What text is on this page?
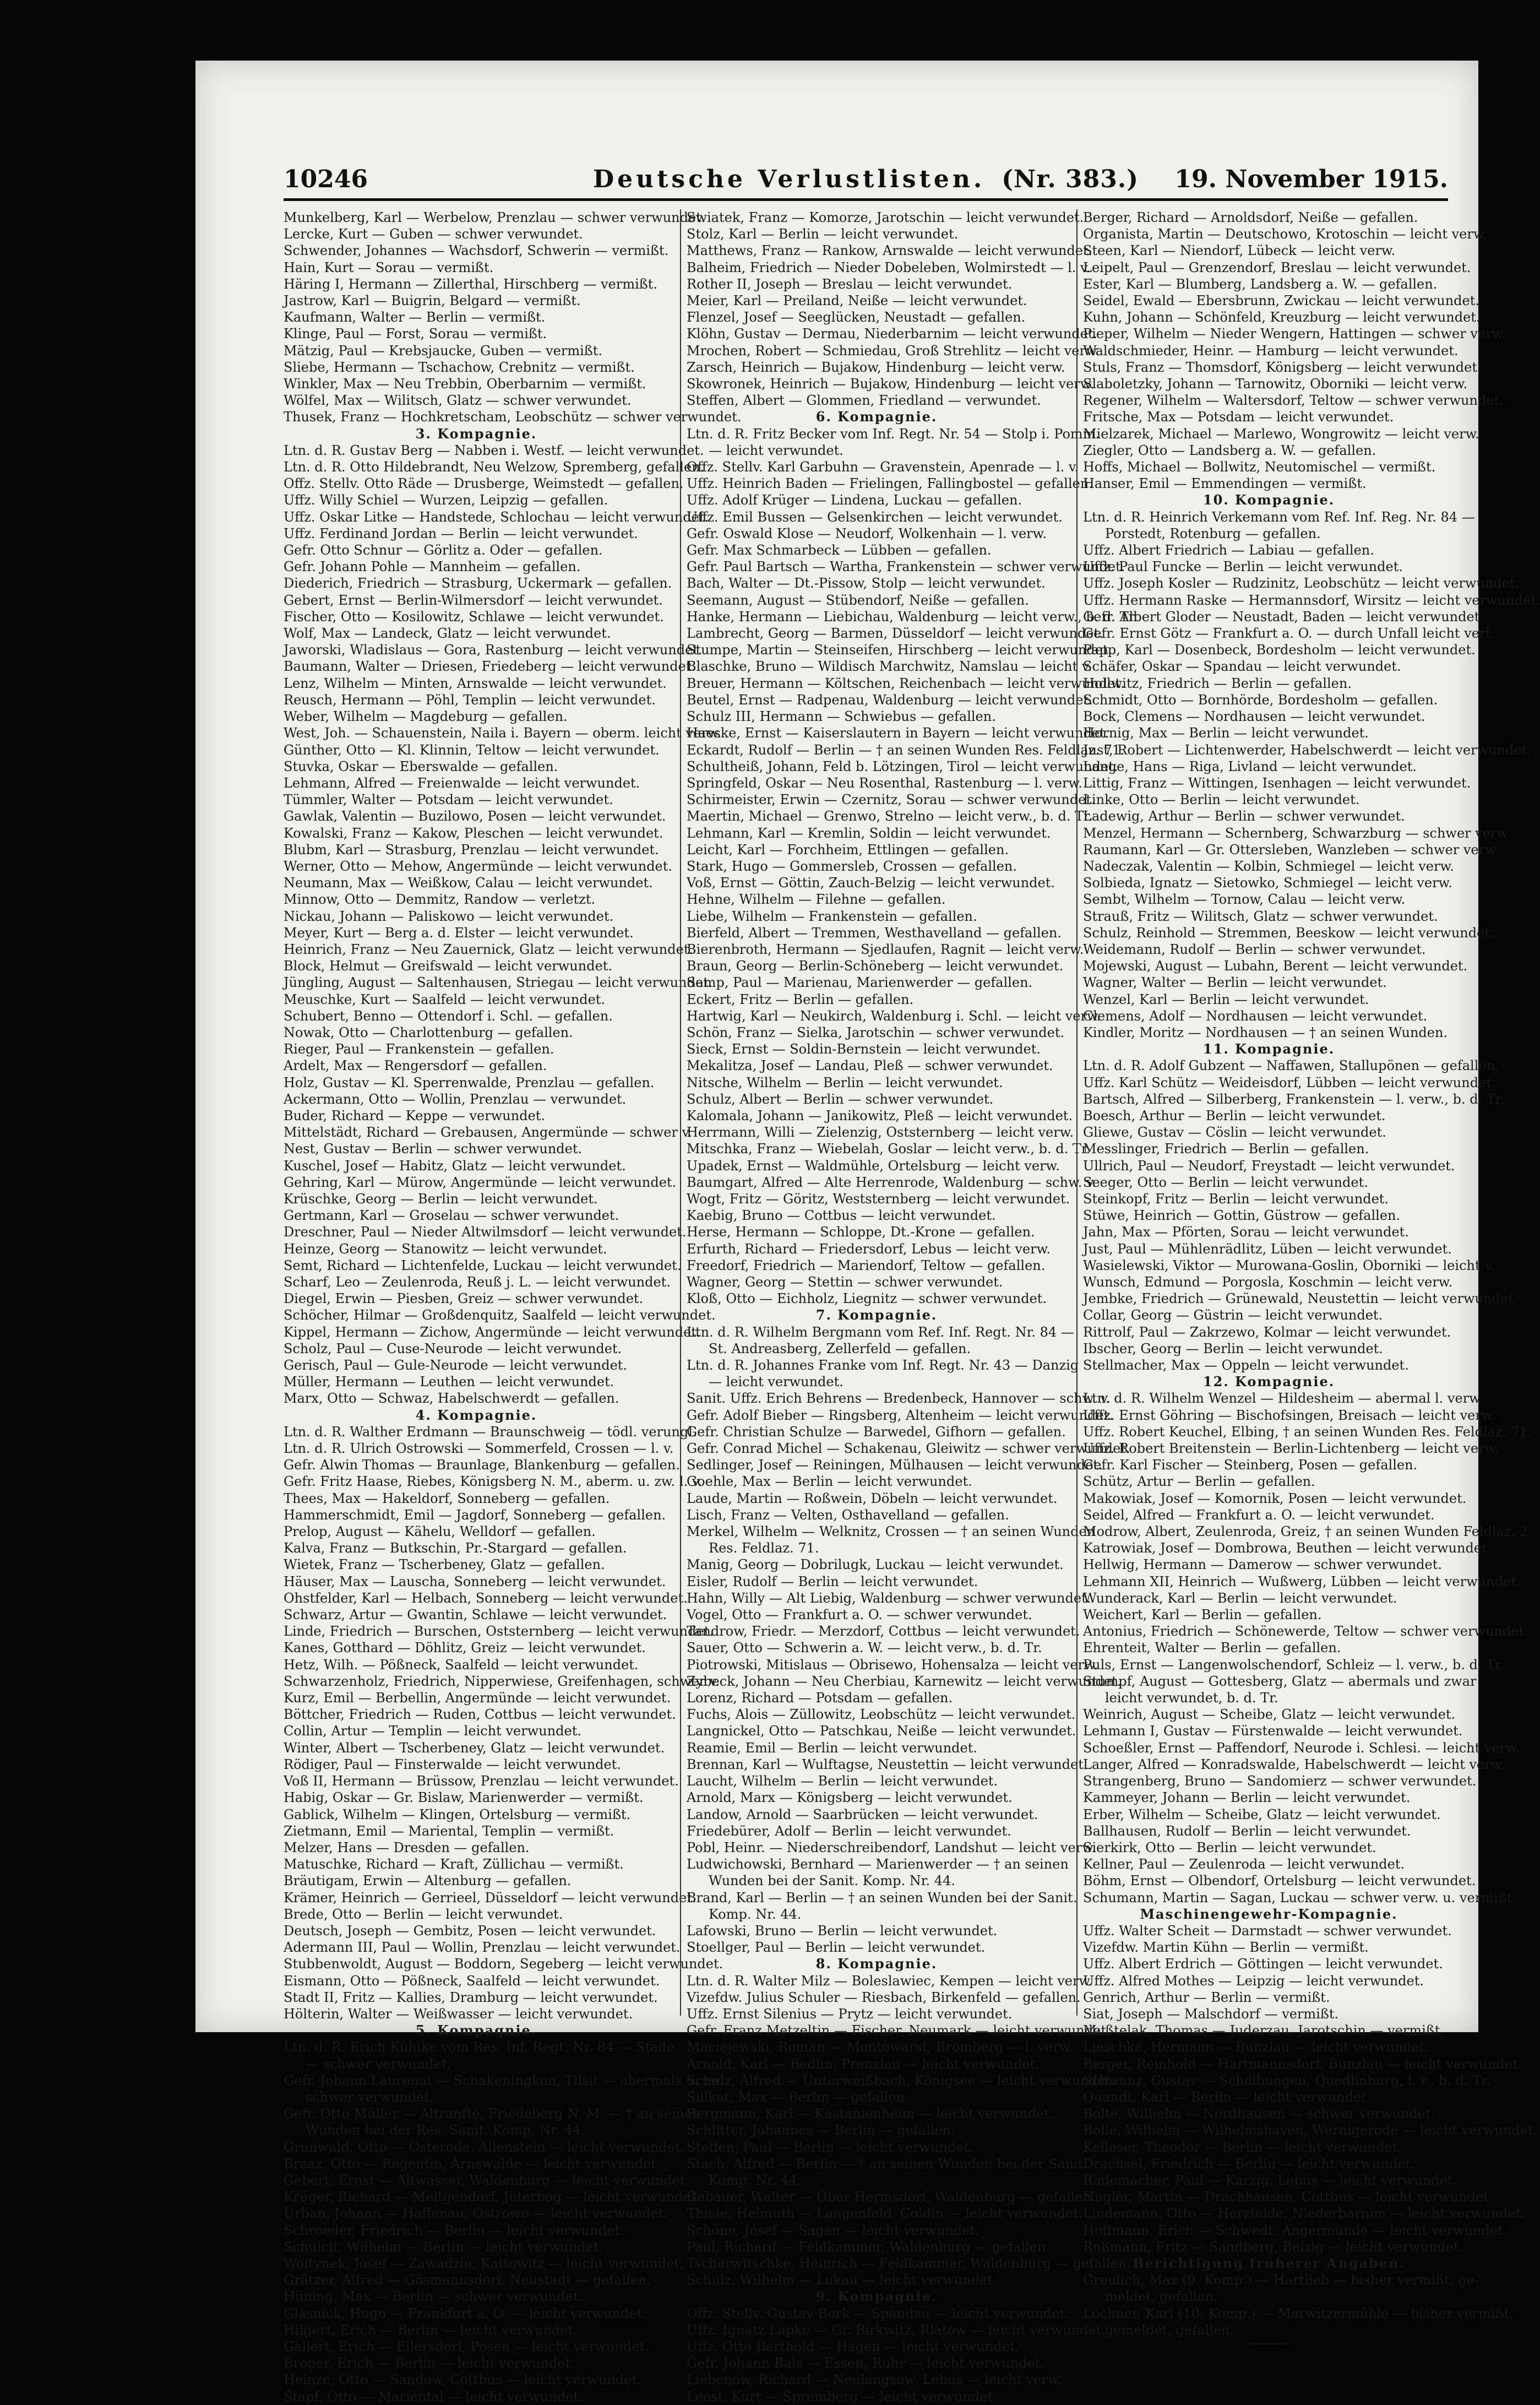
10246	Deutsche Verlustlisten. (Nr. 383.)	19. November 1915.
Munkelberg, Karl — Werbelow, Prenzlau — schwer verwundet.
Lercke, Kurt — Guben — schwer verwundet.
Schwender, Johannes — Wachsdorf, Schwerin — vermißt.
Hain, Kurt — Sorau — vermißt.
Häring I, Hermann — Zillerthal, Hirschberg — vermißt.
Jastrow, Karl — Buigrin, Belgard — vermißt.
Kaufmann, Walter — Berlin — vermißt.
Klinge, Paul — Forst, Sorau — vermißt.
Mätzig, Paul — Krebsjaucke, Guben — vermißt.
Sliebe, Hermann — Tschachow, Crebnitz — vermißt.
Winkler, Max — Neu Trebbin, Oberbarnim — vermißt.
Wölfel, Max — Wilitsch, Glatz — schwer verwundet.
Thusek, Franz — Hochkretscham, Leobschütz — schwer verwundet.
3. Kompagnie.
Ltn. d. R. Gustav Berg — Nabben i. Westf. — leicht verwundet.
Ltn. d. R. Otto Hildebrandt, Neu Welzow, Spremberg, gefallen.
Offz. Stellv. Otto Räde — Drusberge, Weimstedt — gefallen.
Uffz. Willy Schiel — Wurzen, Leipzig — gefallen.
Uffz. Oskar Litke — Handstede, Schlochau — leicht verwundet.
Uffz. Ferdinand Jordan — Berlin — leicht verwundet.
Gefr. Otto Schnur — Görlitz a. Oder — gefallen.
Gefr. Johann Pohle — Mannheim — gefallen.
Diederich, Friedrich — Strasburg, Uckermark — gefallen.
Gebert, Ernst — Berlin-Wilmersdorf — leicht verwundet.
Fischer, Otto — Kosilowitz, Schlawe — leicht verwundet.
Wolf, Max — Landeck, Glatz — leicht verwundet.
Jaworski, Wladislaus — Gora, Rastenburg — leicht verwundet.
Baumann, Walter — Driesen, Friedeberg — leicht verwundet.
Lenz, Wilhelm — Minten, Arnswalde — leicht verwundet.
Reusch, Hermann — Pöhl, Templin — leicht verwundet.
Weber, Wilhelm — Magdeburg — gefallen.
West, Joh. — Schauenstein, Naila i. Bayern — oberm. leicht verw.
Günther, Otto — Kl. Klinnin, Teltow — leicht verwundet.
Stuvka, Oskar — Eberswalde — gefallen.
Lehmann, Alfred — Freienwalde — leicht verwundet.
Tümmler, Walter — Potsdam — leicht verwundet.
Gawlak, Valentin — Buzilowo, Posen — leicht verwundet.
Kowalski, Franz — Kakow, Pleschen — leicht verwundet.
Blubm, Karl — Strasburg, Prenzlau — leicht verwundet.
Werner, Otto — Mehow, Angermünde — leicht verwundet.
Neumann, Max — Weißkow, Calau — leicht verwundet.
Minnow, Otto — Demmitz, Randow — verletzt.
Nickau, Johann — Paliskowo — leicht verwundet.
Meyer, Kurt — Berg a. d. Elster — leicht verwundet.
Heinrich, Franz — Neu Zauernick, Glatz — leicht verwundet.
Block, Helmut — Greifswald — leicht verwundet.
Jüngling, August — Saltenhausen, Striegau — leicht verwundet.
Meuschke, Kurt — Saalfeld — leicht verwundet.
Schubert, Benno — Ottendorf i. Schl. — gefallen.
Nowak, Otto — Charlottenburg — gefallen.
Rieger, Paul — Frankenstein — gefallen.
Ardelt, Max — Rengersdorf — gefallen.
Holz, Gustav — Kl. Sperrenwalde, Prenzlau — gefallen.
Ackermann, Otto — Wollin, Prenzlau — verwundet.
Buder, Richard — Keppe — verwundet.
Mittelstädt, Richard — Grebausen, Angermünde — schwer v.
Nest, Gustav — Berlin — schwer verwundet.
Kuschel, Josef — Habitz, Glatz — leicht verwundet.
Gehring, Karl — Mürow, Angermünde — leicht verwundet.
Krüschke, Georg — Berlin — leicht verwundet.
Gertmann, Karl — Groselau — schwer verwundet.
Dreschner, Paul — Nieder Altwilmsdorf — leicht verwundet.
Heinze, Georg — Stanowitz — leicht verwundet.
Semt, Richard — Lichtenfelde, Luckau — leicht verwundet.
Scharf, Leo — Zeulenroda, Reuß j. L. — leicht verwundet.
Diegel, Erwin — Piesben, Greiz — schwer verwundet.
Schöcher, Hilmar — Großdenquitz, Saalfeld — leicht verwundet.
Kippel, Hermann — Zichow, Angermünde — leicht verwundet.
Scholz, Paul — Cuse-Neurode — leicht verwundet.
Gerisch, Paul — Gule-Neurode — leicht verwundet.
Müller, Hermann — Leuthen — leicht verwundet.
Marx, Otto — Schwaz, Habelschwerdt — gefallen.
4. Kompagnie.
Ltn. d. R. Walther Erdmann — Braunschweig — tödl. verungl.
Ltn. d. R. Ulrich Ostrowski — Sommerfeld, Crossen — l. v.
Gefr. Alwin Thomas — Braunlage, Blankenburg — gefallen.
Gefr. Fritz Haase, Riebes, Königsberg N. M., aberm. u. zw. l. v.
Thees, Max — Hakeldorf, Sonneberg — gefallen.
Hammerschmidt, Emil — Jagdorf, Sonneberg — gefallen.
Prelop, August — Kähelu, Welldorf — gefallen.
Kalva, Franz — Butkschin, Pr.-Stargard — gefallen.
Wietek, Franz — Tscherbeney, Glatz — gefallen.
Häuser, Max — Lauscha, Sonneberg — leicht verwundet.
Ohstfelder, Karl — Helbach, Sonneberg — leicht verwundet.
Schwarz, Artur — Gwantin, Schlawe — leicht verwundet.
Linde, Friedrich — Burschen, Oststernberg — leicht verwundet.
Kanes, Gotthard — Döhlitz, Greiz — leicht verwundet.
Hetz, Wilh. — Pößneck, Saalfeld — leicht verwundet.
Schwarzenholz, Friedrich, Nipperwiese, Greifenhagen, schwer v.
Kurz, Emil — Berbellin, Angermünde — leicht verwundet.
Böttcher, Friedrich — Ruden, Cottbus — leicht verwundet.
Collin, Artur — Templin — leicht verwundet.
Winter, Albert — Tscherbeney, Glatz — leicht verwundet.
Rödiger, Paul — Finsterwalde — leicht verwundet.
Voß II, Hermann — Brüssow, Prenzlau — leicht verwundet.
Habig, Oskar — Gr. Bislaw, Marienwerder — vermißt.
Gablick, Wilhelm — Klingen, Ortelsburg — vermißt.
Zietmann, Emil — Mariental, Templin — vermißt.
Melzer, Hans — Dresden — gefallen.
Matuschke, Richard — Kraft, Züllichau — vermißt.
Bräutigam, Erwin — Altenburg — gefallen.
Krämer, Heinrich — Gerrieel, Düsseldorf — leicht verwundet.
Brede, Otto — Berlin — leicht verwundet.
Deutsch, Joseph — Gembitz, Posen — leicht verwundet.
Adermann III, Paul — Wollin, Prenzlau — leicht verwundet.
Stubbenwoldt, August — Boddorn, Segeberg — leicht verwundet.
Eismann, Otto — Pößneck, Saalfeld — leicht verwundet.
Stadt II, Fritz — Kallies, Dramburg — leicht verwundet.
Hölterin, Walter — Weißwasser — leicht verwundet.
5. Kompagnie.
Ltn. d. R. Erich Kühlke vom Res. Inf. Regt. Nr. 84 — Stade
— schwer verwundet.
Gefr. Johann Laurenat — Schakeningken, Tilsit — abermals u. zw.
schwer verwundet.
Gefr. Otto Müller — Altranfte, Friedeberg N. M. — † an seinen
Wunden bei der Res. Sanit. Komp. Nr. 44.
Grunwald, Otto — Osterode, Allenstein — leicht verwundet.
Braaz, Otto — Regentin, Arnswalde — leicht verwundet.
Gebert, Ernst — Altwasser, Waldenburg — leicht verwundet.
Krüger, Richard — Meltgendorf, Jüterbog — leicht verwundet.
Urban, Johann — Haffenau, Ostrowo — leicht verwundet.
Schroeder, Friedrich — Berlin — leicht verwundet.
Schulcit, Wilhelm — Berlin — leicht verwundet.
Woitynek, Josef — Zawadzie, Kattowitz — leicht verwundet.
Grätzer, Alfred — Gösmannsdorf, Neustadt — gefallen.
Hüning, Max — Berlin — schwer verwundet.
Glasnick, Hugo — Frankfurt a. O. — leicht verwundet.
Hilgert, Erich — Berlin — leicht verwundet.
Gallert, Erich — Ellersdorf, Posen — leicht verwundet.
Broner, Erich — Berlin — leicht verwundet.
Heinze, Otto — Sandow, Cottbus — leicht verwundet.
Stapf, Otto — Mariental — leicht verwundet.
Swiatek, Franz — Komorze, Jarotschin — leicht verwundet.
Stolz, Karl — Berlin — leicht verwundet.
Matthews, Franz — Rankow, Arnswalde — leicht verwundet.
Balheim, Friedrich — Nieder Dobeleben, Wolmirstedt — l. v.
Rother II, Joseph — Breslau — leicht verwundet.
Meier, Karl — Preiland, Neiße — leicht verwundet.
Flenzel, Josef — Seeglücken, Neustadt — gefallen.
Klöhn, Gustav — Dermau, Niederbarnim — leicht verwundet.
Mrochen, Robert — Schmiedau, Groß Strehlitz — leicht verw.
Zarsch, Heinrich — Bujakow, Hindenburg — leicht verw.
Skowronek, Heinrich — Bujakow, Hindenburg — leicht verw.
Steffen, Albert — Glommen, Friedland — verwundet.
6. Kompagnie.
Ltn. d. R. Fritz Becker vom Inf. Regt. Nr. 54 — Stolp i. Pomm.
— leicht verwundet.
Offz. Stellv. Karl Garbuhn — Gravenstein, Apenrade — l. v.
Uffz. Heinrich Baden — Frielingen, Fallingbostel — gefallen.
Uffz. Adolf Krüger — Lindena, Luckau — gefallen.
Uffz. Emil Bussen — Gelsenkirchen — leicht verwundet.
Gefr. Oswald Klose — Neudorf, Wolkenhain — l. verw.
Gefr. Max Schmarbeck — Lübben — gefallen.
Gefr. Paul Bartsch — Wartha, Frankenstein — schwer verwundet.
Bach, Walter — Dt.-Pissow, Stolp — leicht verwundet.
Seemann, August — Stübendorf, Neiße — gefallen.
Hanke, Hermann — Liebichau, Waldenburg — leicht verw., b. d. Tr.
Lambrecht, Georg — Barmen, Düsseldorf — leicht verwundet.
Stumpe, Martin — Steinseifen, Hirschberg — leicht verwundet.
Blaschke, Bruno — Wildisch Marchwitz, Namslau — leicht v.
Breuer, Hermann — Költschen, Reichenbach — leicht verwundet.
Beutel, Ernst — Radpenau, Waldenburg — leicht verwundet.
Schulz III, Hermann — Schwiebus — gefallen.
Haeske, Ernst — Kaiserslautern in Bayern — leicht verwundet.
Eckardt, Rudolf — Berlin — † an seinen Wunden Res. Feldlaz. 71.
Schultheiß, Johann, Feld b. Lötzingen, Tirol — leicht verwundet.
Springfeld, Oskar — Neu Rosenthal, Rastenburg — l. verw.
Schirmeister, Erwin — Czernitz, Sorau — schwer verwundet.
Maertin, Michael — Grenwo, Strelno — leicht verw., b. d. Tr.
Lehmann, Karl — Kremlin, Soldin — leicht verwundet.
Leicht, Karl — Forchheim, Ettlingen — gefallen.
Stark, Hugo — Gommersleb, Crossen — gefallen.
Voß, Ernst — Göttin, Zauch-Belzig — leicht verwundet.
Hehne, Wilhelm — Filehne — gefallen.
Liebe, Wilhelm — Frankenstein — gefallen.
Bierfeld, Albert — Tremmen, Westhavelland — gefallen.
Bierenbroth, Hermann — Sjedlaufen, Ragnit — leicht verw.
Braun, Georg — Berlin-Schöneberg — leicht verwundet.
Samp, Paul — Marienau, Marienwerder — gefallen.
Eckert, Fritz — Berlin — gefallen.
Hartwig, Karl — Neukirch, Waldenburg i. Schl. — leicht verw.
Schön, Franz — Sielka, Jarotschin — schwer verwundet.
Sieck, Ernst — Soldin-Bernstein — leicht verwundet.
Mekalitza, Josef — Landau, Pleß — schwer verwundet.
Nitsche, Wilhelm — Berlin — leicht verwundet.
Schulz, Albert — Berlin — schwer verwundet.
Kalomala, Johann — Janikowitz, Pleß — leicht verwundet.
Herrmann, Willi — Zielenzig, Oststernberg — leicht verw.
Mitschka, Franz — Wiebelah, Goslar — leicht verw., b. d. Tr.
Upadek, Ernst — Waldmühle, Ortelsburg — leicht verw.
Baumgart, Alfred — Alte Herrenrode, Waldenburg — schw. v.
Wogt, Fritz — Göritz, Weststernberg — leicht verwundet.
Kaebig, Bruno — Cottbus — leicht verwundet.
Herse, Hermann — Schloppe, Dt.-Krone — gefallen.
Erfurth, Richard — Friedersdorf, Lebus — leicht verw.
Freedorf, Friedrich — Mariendorf, Teltow — gefallen.
Wagner, Georg — Stettin — schwer verwundet.
Kloß, Otto — Eichholz, Liegnitz — schwer verwundet.
7. Kompagnie.
Ltn. d. R. Wilhelm Bergmann vom Ref. Inf. Regt. Nr. 84 —
St. Andreasberg, Zellerfeld — gefallen.
Ltn. d. R. Johannes Franke vom Inf. Regt. Nr. 43 — Danzig
— leicht verwundet.
Sanit. Uffz. Erich Behrens — Bredenbeck, Hannover — schw. v.
Gefr. Adolf Bieber — Ringsberg, Altenheim — leicht verwundet.
Gefr. Christian Schulze — Barwedel, Gifhorn — gefallen.
Gefr. Conrad Michel — Schakenau, Gleiwitz — schwer verwundet.
Sedlinger, Josef — Reiningen, Mülhausen — leicht verwundet.
Goehle, Max — Berlin — leicht verwundet.
Laude, Martin — Roßwein, Döbeln — leicht verwundet.
Lisch, Franz — Velten, Osthavelland — gefallen.
Merkel, Wilhelm — Welknitz, Crossen — † an seinen Wunden
Res. Feldlaz. 71.
Manig, Georg — Dobrilugk, Luckau — leicht verwundet.
Eisler, Rudolf — Berlin — leicht verwundet.
Hahn, Willy — Alt Liebig, Waldenburg — schwer verwundet.
Vogel, Otto — Frankfurt a. O. — schwer verwundet.
Tandrow, Friedr. — Merzdorf, Cottbus — leicht verwundet.
Sauer, Otto — Schwerin a. W. — leicht verw., b. d. Tr.
Piotrowski, Mitislaus — Obrisewo, Hohensalza — leicht verw.
Zybeck, Johann — Neu Cherbiau, Karnewitz — leicht verwundet.
Lorenz, Richard — Potsdam — gefallen.
Fuchs, Alois — Züllowitz, Leobschütz — leicht verwundet.
Langnickel, Otto — Patschkau, Neiße — leicht verwundet.
Reamie, Emil — Berlin — leicht verwundet.
Brennan, Karl — Wulftagse, Neustettin — leicht verwundet.
Laucht, Wilhelm — Berlin — leicht verwundet.
Arnold, Marx — Königsberg — leicht verwundet.
Landow, Arnold — Saarbrücken — leicht verwundet.
Friedebürer, Adolf — Berlin — leicht verwundet.
Pobl, Heinr. — Niederschreibendorf, Landshut — leicht verw.
Ludwichowski, Bernhard — Marienwerder — † an seinen
Wunden bei der Sanit. Komp. Nr. 44.
Brand, Karl — Berlin — † an seinen Wunden bei der Sanit.
Komp. Nr. 44.
Lafowski, Bruno — Berlin — leicht verwundet.
Stoellger, Paul — Berlin — leicht verwundet.
8. Kompagnie.
Ltn. d. R. Walter Milz — Boleslawiec, Kempen — leicht verw.
Vizefdw. Julius Schuler — Riesbach, Birkenfeld — gefallen.
Uffz. Ernst Silenius — Prytz — leicht verwundet.
Gefr. Franz Metzeltin — Fischer, Neumark — leicht verwundet.
Maciejewski, Roman — Montowarst, Bromberg — l. verw.
Arnold, Karl — Bedlin, Prenzlau — leicht verwundet.
Schulz, Alfred — Unterweißbach, Königsee — leicht verwundet.
Sillkat, Max — Berlin — gefallen.
Bergmann, Karl — Kastanienheim — leicht verwundet.
Schlitter, Johannes — Berlin — gefallen.
Steffen, Paul — Berlin — leicht verwundet.
Stach, Alfred — Berlin — † an seinen Wunden bei der Sanit.
Komp. Nr. 44.
Gebauer, Walter — Ober Hermsdorf, Waldenburg — gefallen.
Thiele, Helmuth — Langenfeld, Coldin — leicht verwundet.
Schöne, Josef — Sagan — leicht verwundet.
Paul, Richard — Feldkammer, Waldenburg — gefallen.
Tscherwitschke, Heinrich — Feldkammer, Waldenburg — gefallen.
Schulz, Wilhelm — Lukau — leicht verwundet.
9. Kompagnie.
Offz. Stellv. Gustav Bork — Spandau — leicht verwundet.
Uffz. Ignatz Lapke — Gr. Birkwitz, Rlatow — leicht verwundet.
Uffz. Otto Barthold — Hagen — leicht verwundet.
Gefr. Johann Bals — Essen, Ruhr — leicht verwundet.
Liebenow, Richard — Neulangsow, Lebus — leicht verw.
Leest, Kurt — Spremberg — leicht verwundet.
Berger, Richard — Arnoldsdorf, Neiße — gefallen.
Organista, Martin — Deutschowo, Krotoschin — leicht verw.
Steen, Karl — Niendorf, Lübeck — leicht verw.
Leipelt, Paul — Grenzendorf, Breslau — leicht verwundet.
Ester, Karl — Blumberg, Landsberg a. W. — gefallen.
Seidel, Ewald — Ebersbrunn, Zwickau — leicht verwundet.
Kuhn, Johann — Schönfeld, Kreuzburg — leicht verwundet.
Pieper, Wilhelm — Nieder Wengern, Hattingen — schwer verw.
Waldschmieder, Heinr. — Hamburg — leicht verwundet.
Stuls, Franz — Thomsdorf, Königsberg — leicht verwundet.
Slaboletzky, Johann — Tarnowitz, Oborniki — leicht verw.
Regener, Wilhelm — Waltersdorf, Teltow — schwer verwundet.
Fritsche, Max — Potsdam — leicht verwundet.
Mielzarek, Michael — Marlewo, Wongrowitz — leicht verw.
Ziegler, Otto — Landsberg a. W. — gefallen.
Hoffs, Michael — Bollwitz, Neutomischel — vermißt.
Hanser, Emil — Emmendingen — vermißt.
10. Kompagnie.
Ltn. d. R. Heinrich Verkemann vom Ref. Inf. Reg. Nr. 84 —
Porstedt, Rotenburg — gefallen.
Uffz. Albert Friedrich — Labiau — gefallen.
Uffz. Paul Funcke — Berlin — leicht verwundet.
Uffz. Joseph Kosler — Rudzinitz, Leobschütz — leicht verwundet.
Uffz. Hermann Raske — Hermannsdorf, Wirsitz — leicht verwundet.
Gefr. Albert Gloder — Neustadt, Baden — leicht verwundet.
Gefr. Ernst Götz — Frankfurt a. O. — durch Unfall leicht verl.
Papp, Karl — Dosenbeck, Bordesholm — leicht verwundet.
Schäfer, Oskar — Spandau — leicht verwundet.
Hollwitz, Friedrich — Berlin — gefallen.
Schmidt, Otto — Bornhörde, Bordesholm — gefallen.
Bock, Clemens — Nordhausen — leicht verwundet.
Hornig, Max — Berlin — leicht verwundet.
Just, Robert — Lichtenwerder, Habelschwerdt — leicht verwundet.
Lange, Hans — Riga, Livland — leicht verwundet.
Littig, Franz — Wittingen, Isenhagen — leicht verwundet.
Linke, Otto — Berlin — leicht verwundet.
Ladewig, Arthur — Berlin — schwer verwundet.
Menzel, Hermann — Schernberg, Schwarzburg — schwer verw.
Raumann, Karl — Gr. Ottersleben, Wanzleben — schwer verw.
Nadeczak, Valentin — Kolbin, Schmiegel — leicht verw.
Solbieda, Ignatz — Sietowko, Schmiegel — leicht verw.
Sembt, Wilhelm — Tornow, Calau — leicht verw.
Strauß, Fritz — Wilitsch, Glatz — schwer verwundet.
Schulz, Reinhold — Stremmen, Beeskow — leicht verwundet.
Weidemann, Rudolf — Berlin — schwer verwundet.
Mojewski, August — Lubahn, Berent — leicht verwundet.
Wagner, Walter — Berlin — leicht verwundet.
Wenzel, Karl — Berlin — leicht verwundet.
Clemens, Adolf — Nordhausen — leicht verwundet.
Kindler, Moritz — Nordhausen — † an seinen Wunden.
11. Kompagnie.
Ltn. d. R. Adolf Gubzent — Naffawen, Stallupönen — gefallen.
Uffz. Karl Schütz — Weideisdorf, Lübben — leicht verwundet.
Bartsch, Alfred — Silberberg, Frankenstein — l. verw., b. d. Tr.
Boesch, Arthur — Berlin — leicht verwundet.
Gliewe, Gustav — Cöslin — leicht verwundet.
Messlinger, Friedrich — Berlin — gefallen.
Ullrich, Paul — Neudorf, Freystadt — leicht verwundet.
Seeger, Otto — Berlin — leicht verwundet.
Steinkopf, Fritz — Berlin — leicht verwundet.
Stüwe, Heinrich — Gottin, Güstrow — gefallen.
Jahn, Max — Pförten, Sorau — leicht verwundet.
Just, Paul — Mühlenrädlitz, Lüben — leicht verwundet.
Wasielewski, Viktor — Murowana-Goslin, Oborniki — leicht v.
Wunsch, Edmund — Porgosla, Koschmin — leicht verw.
Jembke, Friedrich — Grünewald, Neustettin — leicht verwundet.
Collar, Georg — Güstrin — leicht verwundet.
Rittrolf, Paul — Zakrzewo, Kolmar — leicht verwundet.
Ibscher, Georg — Berlin — leicht verwundet.
Stellmacher, Max — Oppeln — leicht verwundet.
12. Kompagnie.
Ltn. d. R. Wilhelm Wenzel — Hildesheim — abermal l. verw.
Uffz. Ernst Göhring — Bischofsingen, Breisach — leicht verw.
Uffz. Robert Keuchel, Elbing, † an seinen Wunden Res. Feldlaz. 71.
Uffz. Robert Breitenstein — Berlin-Lichtenberg — leicht verw.
Gefr. Karl Fischer — Steinberg, Posen — gefallen.
Schütz, Artur — Berlin — gefallen.
Makowiak, Josef — Komornik, Posen — leicht verwundet.
Seidel, Alfred — Frankfurt a. O. — leicht verwundet.
Modrow, Albert, Zeulenroda, Greiz, † an seinen Wunden Feldlaz. 2.
Katrowiak, Josef — Dombrowa, Beuthen — leicht verwundet.
Hellwig, Hermann — Damerow — schwer verwundet.
Lehmann XII, Heinrich — Wußwerg, Lübben — leicht verwundet.
Wunderack, Karl — Berlin — leicht verwundet.
Weichert, Karl — Berlin — gefallen.
Antonius, Friedrich — Schönewerde, Teltow — schwer verwundet.
Ehrenteit, Walter — Berlin — gefallen.
Puls, Ernst — Langenwolschendorf, Schleiz — l. verw., b. d. Tr.
Stumpf, August — Gottesberg, Glatz — abermals und zwar
leicht verwundet, b. d. Tr.
Weinrich, August — Scheibe, Glatz — leicht verwundet.
Lehmann I, Gustav — Fürstenwalde — leicht verwundet.
Schoeßler, Ernst — Paffendorf, Neurode i. Schlesi. — leicht verw.
Langer, Alfred — Konradswalde, Habelschwerdt — leicht verw.
Strangenberg, Bruno — Sandomierz — schwer verwundet.
Kammeyer, Johann — Berlin — leicht verwundet.
Erber, Wilhelm — Scheibe, Glatz — leicht verwundet.
Ballhausen, Rudolf — Berlin — leicht verwundet.
Sierkirk, Otto — Berlin — leicht verwundet.
Kellner, Paul — Zeulenroda — leicht verwundet.
Böhm, Ernst — Olbendorf, Ortelsburg — leicht verwundet.
Schumann, Martin — Sagan, Luckau — schwer verw. u. vermißt.
Maschinengewehr-Kompagnie.
Uffz. Walter Scheit — Darmstadt — schwer verwundet.
Vizefdw. Martin Kühn — Berlin — vermißt.
Uffz. Albert Erdrich — Göttingen — leicht verwundet.
Uffz. Alfred Mothes — Leipzig — leicht verwundet.
Genrich, Arthur — Berlin — vermißt.
Siat, Joseph — Malschdorf — vermißt.
Mußtelak, Thomas — Juderzau, Jarotschin — vermißt.
Lieschke, Hermann — Bunzlau — leicht verwundet.
Berger, Reinhold — Hartmannsdorf, Bunzlau — leicht verwundet.
Schwanz, Gustav — Scheibungen, Quedlinburg, l. v., b. d. Tr.
Quandt, Karl — Berlin — leicht verwundet.
Bolte, Wilhelm — Nordhausen — schwer verwundet.
Bolle, Wilhelm — Wilhelmshaven, Wernigerode — leicht verwundet.
Kelleser, Theodor — Berlin — leicht verwundet.
Drachsel, Friedrich — Berlin — leicht verwundet.
Rademacher, Paul — Karzig, Lebus — leicht verwundet.
Hugler, Martin — Drachhausen, Cottbus — leicht verwundet.
Lindemann, Otto — Herzfelde, Niederbarnim — leicht verwundet.
Hoffmann, Erich — Schwedt, Angermünde — leicht verwundet.
Roßmann, Fritz — Sandberg, Belzig — leicht verwundet.
Berichtigung früherer Angaben.
Greulich, Max (9. Komp.) — Hartlieb — bisher vermißt, ge-
meldet, gefallen.
Lochner, Karl (10. Komp.) — Marwitzermühle — bisher vermißt,
gemeldet, gefallen.
